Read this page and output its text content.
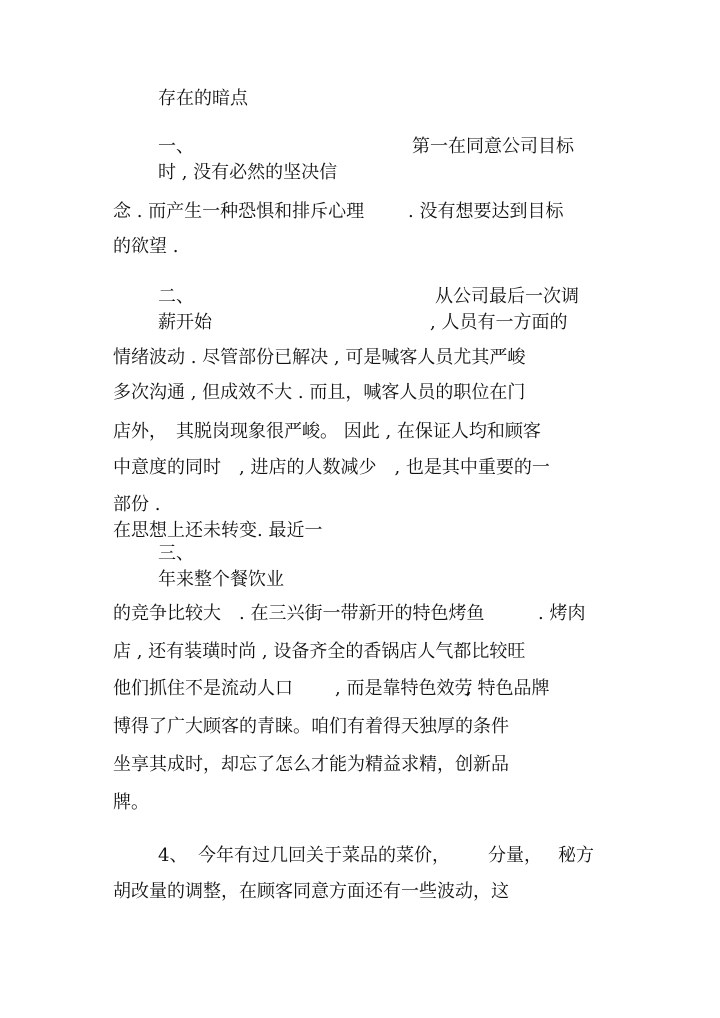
存在的暗点
一、	第一在同意公司目标
时 , 没有必然的坚决信
念 . 而产生一种恐惧和排斥心理 . 没有想要达到目标
的欲望 .
二、	从公司最后一次调
薪开始	, 人员有一方面的
情绪波动 . 尽管部份已解决 , 可是喊客人员尤其严峻
多次沟通 , 但成效不大 . 而且，喊客人员的职位在门
店外，　其脱岗现象很严峻。 因此 , 在保证人均和顾客
中意度的同时　, 进店的人数减少　, 也是其中重要的一
部份 .
三、
在思想上还未转变. 最近一
年来整个餐饮业
的竞争比较大　. 在三兴街一带新开的特色烤鱼	. 烤肉
店 , 还有装璜时尚 , 设备齐全的香锅店人气都比较旺
他们抓住不是流动人口 , 而是靠特色效劳
, 特色品牌
博得了广大顾客的青睐。咱们有着得天独厚的条件
坐享其成时，却忘了怎么才能为精益求精，创新品
牌。
4、 今年有过几回关于菜品的菜价， 分量， 秘方
胡改量的调整，在顾客同意方面还有一些波动，这
